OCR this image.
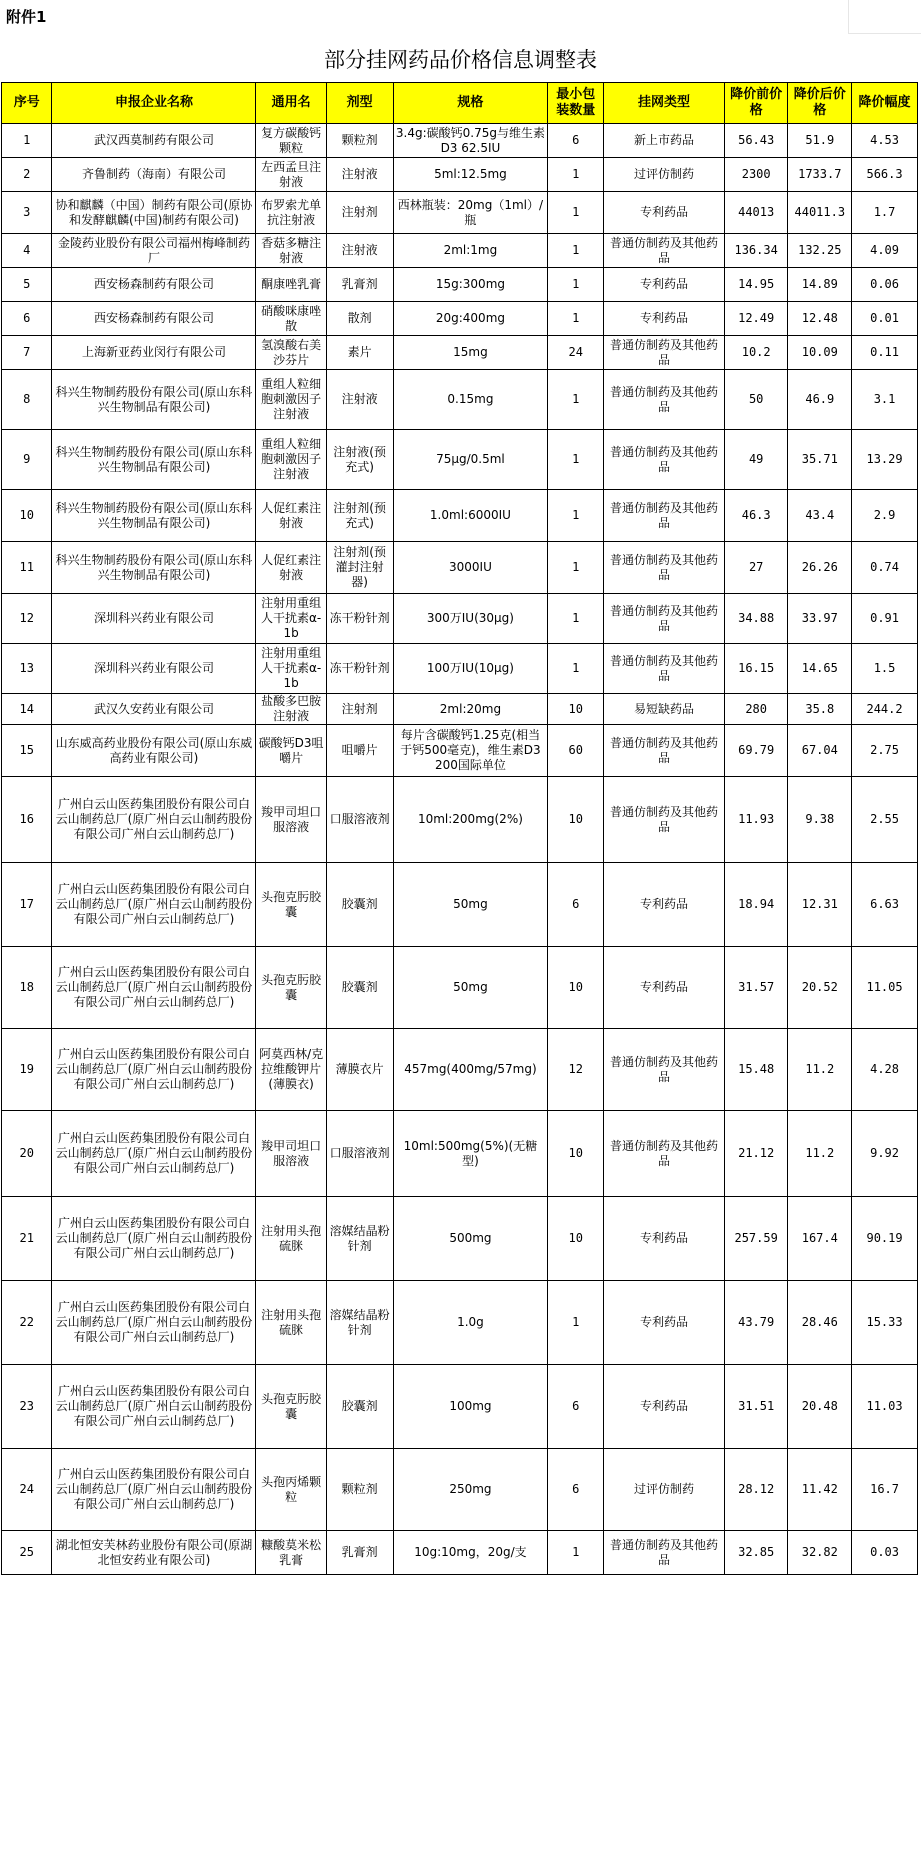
附件1
部分挂网药品价格信息调整表
序号	申报企业名称	通用名	剂型	规格	最小包装数量	挂网类型	降价前价格	降价后价格	降价幅度
1	武汉西莫制药有限公司	复方碳酸钙颗粒	颗粒剂	3.4g:碳酸钙0.75g与维生素D3 62.5IU	6	新上市药品	56.43	51.9	4.53
2	齐鲁制药（海南）有限公司	左西孟旦注射液	注射液	5ml:12.5mg	1	过评仿制药	2300	1733.7	566.3
3	协和麒麟（中国）制药有限公司(原协和发酵麒麟(中国)制药有限公司)	布罗索尤单抗注射液	注射剂	西林瓶装：20mg（1ml）/瓶	1	专利药品	44013	44011.3	1.7
4	金陵药业股份有限公司福州梅峰制药厂	香菇多糖注射液	注射液	2ml:1mg	1	普通仿制药及其他药品	136.34	132.25	4.09
5	西安杨森制药有限公司	酮康唑乳膏	乳膏剂	15g:300mg	1	专利药品	14.95	14.89	0.06
6	西安杨森制药有限公司	硝酸咪康唑散	散剂	20g:400mg	1	专利药品	12.49	12.48	0.01
7	上海新亚药业闵行有限公司	氢溴酸右美沙芬片	素片	15mg	24	普通仿制药及其他药品	10.2	10.09	0.11
8	科兴生物制药股份有限公司(原山东科兴生物制品有限公司)	重组人粒细胞刺激因子注射液	注射液	0.15mg	1	普通仿制药及其他药品	50	46.9	3.1
9	科兴生物制药股份有限公司(原山东科兴生物制品有限公司)	重组人粒细胞刺激因子注射液	注射液(预充式)	75μg/0.5ml	1	普通仿制药及其他药品	49	35.71	13.29
10	科兴生物制药股份有限公司(原山东科兴生物制品有限公司)	人促红素注射液	注射剂(预充式)	1.0ml:6000IU	1	普通仿制药及其他药品	46.3	43.4	2.9
11	科兴生物制药股份有限公司(原山东科兴生物制品有限公司)	人促红素注射液	注射剂(预灌封注射器)	3000IU	1	普通仿制药及其他药品	27	26.26	0.74
12	深圳科兴药业有限公司	注射用重组人干扰素α-1b	冻干粉针剂	300万IU(30μg)	1	普通仿制药及其他药品	34.88	33.97	0.91
13	深圳科兴药业有限公司	注射用重组人干扰素α-1b	冻干粉针剂	100万IU(10μg)	1	普通仿制药及其他药品	16.15	14.65	1.5
14	武汉久安药业有限公司	盐酸多巴胺注射液	注射剂	2ml:20mg	10	易短缺药品	280	35.8	244.2
15	山东威高药业股份有限公司(原山东威高药业有限公司)	碳酸钙D3咀嚼片	咀嚼片	每片含碳酸钙1.25克(相当于钙500毫克)，维生素D3 200国际单位	60	普通仿制药及其他药品	69.79	67.04	2.75
16	广州白云山医药集团股份有限公司白云山制药总厂(原广州白云山制药股份有限公司广州白云山制药总厂)	羧甲司坦口服溶液	口服溶液剂	10ml:200mg(2%)	10	普通仿制药及其他药品	11.93	9.38	2.55
17	广州白云山医药集团股份有限公司白云山制药总厂(原广州白云山制药股份有限公司广州白云山制药总厂)	头孢克肟胶囊	胶囊剂	50mg	6	专利药品	18.94	12.31	6.63
18	广州白云山医药集团股份有限公司白云山制药总厂(原广州白云山制药股份有限公司广州白云山制药总厂)	头孢克肟胶囊	胶囊剂	50mg	10	专利药品	31.57	20.52	11.05
19	广州白云山医药集团股份有限公司白云山制药总厂(原广州白云山制药股份有限公司广州白云山制药总厂)	阿莫西林/克拉维酸钾片(薄膜衣)	薄膜衣片	457mg(400mg/57mg)	12	普通仿制药及其他药品	15.48	11.2	4.28
20	广州白云山医药集团股份有限公司白云山制药总厂(原广州白云山制药股份有限公司广州白云山制药总厂)	羧甲司坦口服溶液	口服溶液剂	10ml:500mg(5%)(无糖型)	10	普通仿制药及其他药品	21.12	11.2	9.92
21	广州白云山医药集团股份有限公司白云山制药总厂(原广州白云山制药股份有限公司广州白云山制药总厂)	注射用头孢硫脒	溶媒结晶粉针剂	500mg	10	专利药品	257.59	167.4	90.19
22	广州白云山医药集团股份有限公司白云山制药总厂(原广州白云山制药股份有限公司广州白云山制药总厂)	注射用头孢硫脒	溶媒结晶粉针剂	1.0g	1	专利药品	43.79	28.46	15.33
23	广州白云山医药集团股份有限公司白云山制药总厂(原广州白云山制药股份有限公司广州白云山制药总厂)	头孢克肟胶囊	胶囊剂	100mg	6	专利药品	31.51	20.48	11.03
24	广州白云山医药集团股份有限公司白云山制药总厂(原广州白云山制药股份有限公司广州白云山制药总厂)	头孢丙烯颗粒	颗粒剂	250mg	6	过评仿制药	28.12	11.42	16.7
25	湖北恒安芙林药业股份有限公司(原湖北恒安药业有限公司)	糠酸莫米松乳膏	乳膏剂	10g:10mg，20g/支	1	普通仿制药及其他药品	32.85	32.82	0.03
